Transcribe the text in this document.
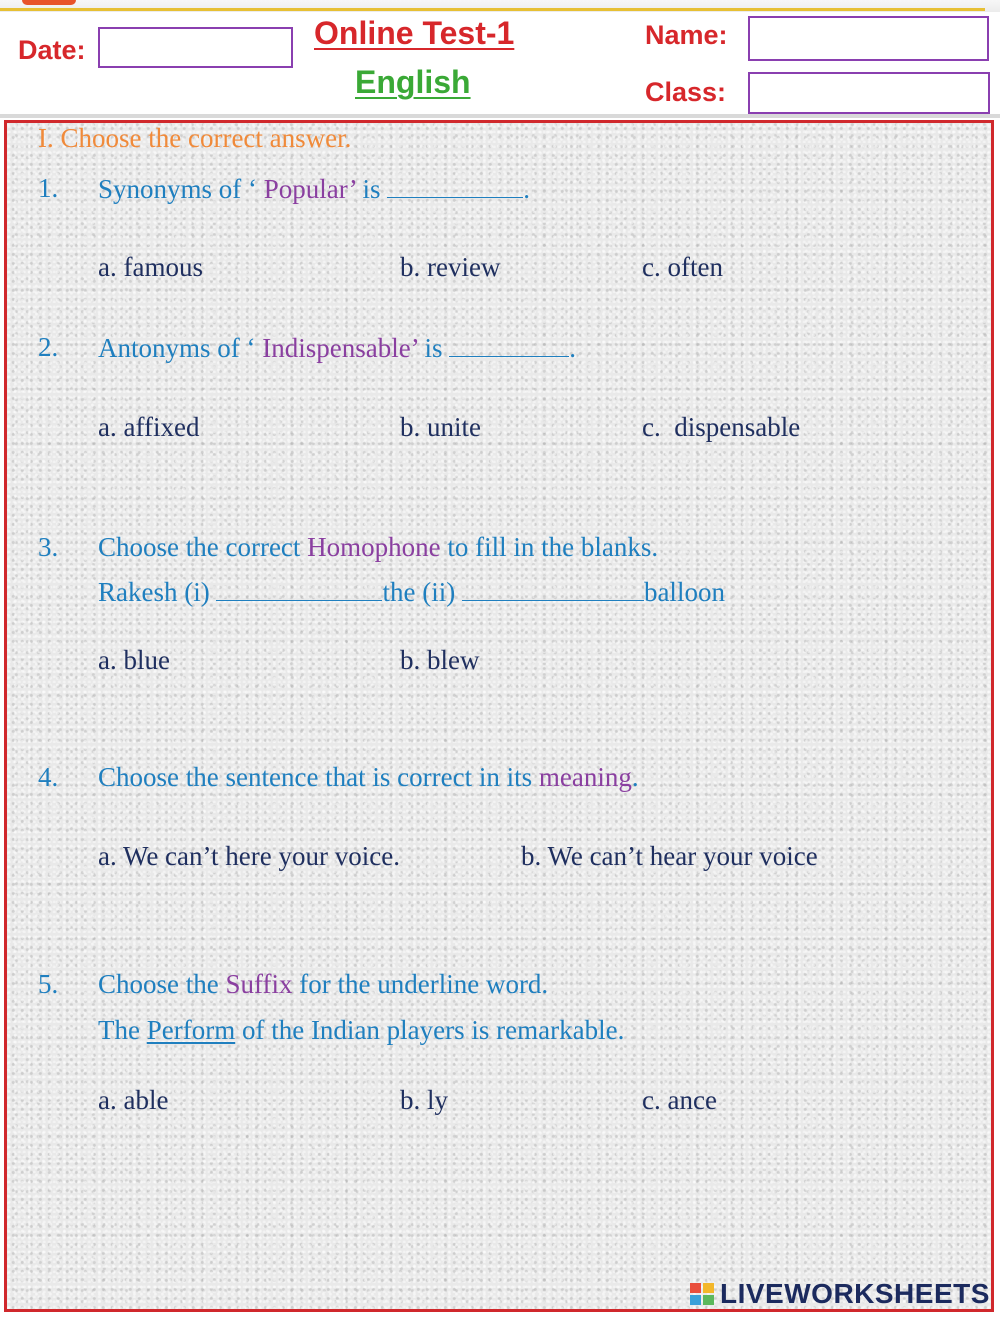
Date:	Online Test-1
English
Name:
Class:
I. Choose the correct answer.
1. Synonyms of ‘ Popular’ is	.
a. famous	b. review	c. often
2. Antonyms of ‘ Indispensable’ is	.
a. affixed	b. unite	c.  dispensable
3. Choose the correct Homophone to fill in the blanks.
Rakesh (i)	the (ii)	balloon
a. blue	b. blew
4. Choose the sentence that is correct in its meaning.
a. We can’t here your voice.	b. We can’t hear your voice
5. Choose the Suffix for the underline word.
The Perform of the Indian players is remarkable.
a. able	b. ly	c. ance
LIVEWORKSHEETS
